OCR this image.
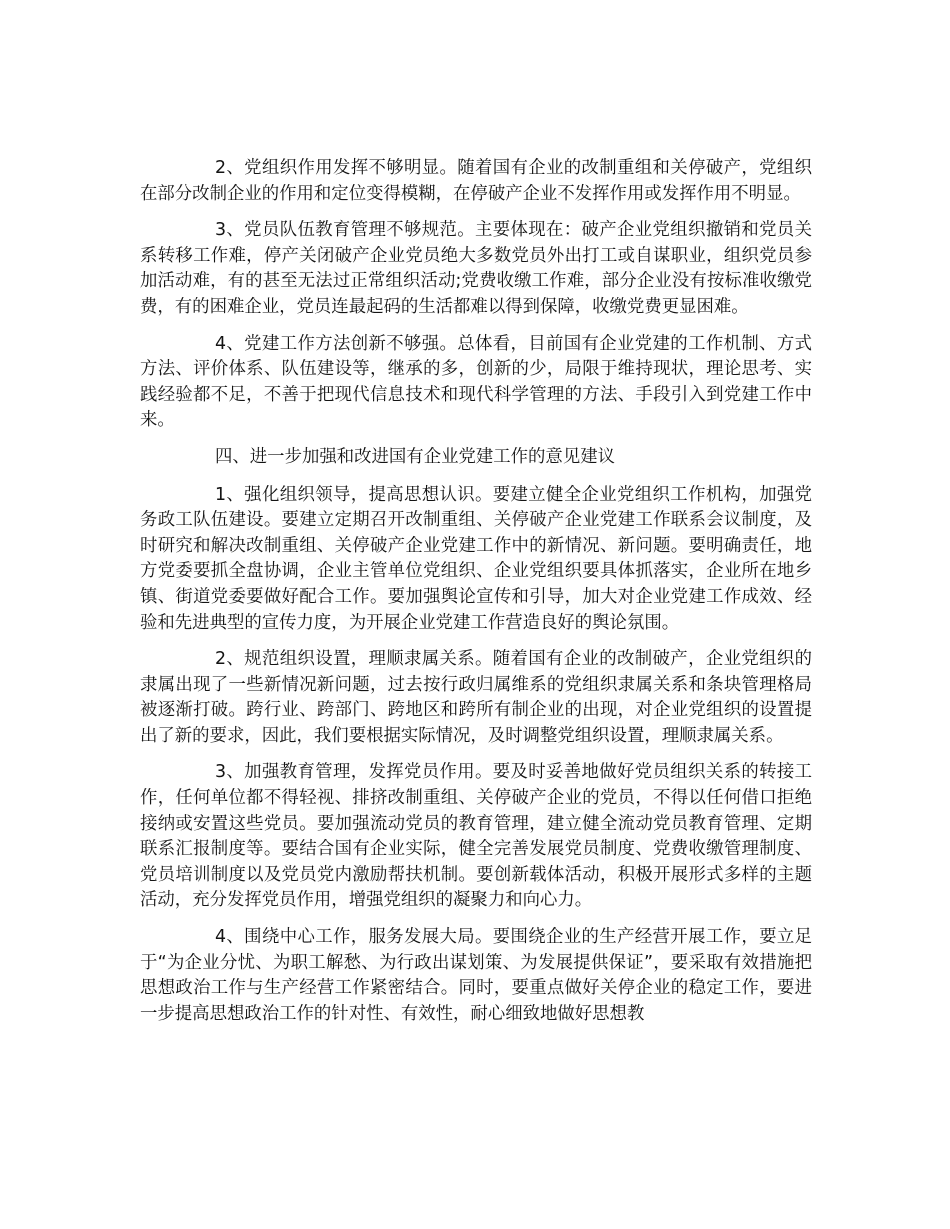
2、党组织作用发挥不够明显。随着国有企业的改制重组和关停破产，党组织在部分改制企业的作用和定位变得模糊，在停破产企业不发挥作用或发挥作用不明显。

3、党员队伍教育管理不够规范。主要体现在：破产企业党组织撤销和党员关系转移工作难，停产关闭破产企业党员绝大多数党员外出打工或自谋职业，组织党员参加活动难，有的甚至无法过正常组织活动;党费收缴工作难，部分企业没有按标准收缴党费，有的困难企业，党员连最起码的生活都难以得到保障，收缴党费更显困难。

4、党建工作方法创新不够强。总体看，目前国有企业党建的工作机制、方式方法、评价体系、队伍建设等，继承的多，创新的少，局限于维持现状，理论思考、实践经验都不足，不善于把现代信息技术和现代科学管理的方法、手段引入到党建工作中来。

四、进一步加强和改进国有企业党建工作的意见建议

1、强化组织领导，提高思想认识。要建立健全企业党组织工作机构，加强党务政工队伍建设。要建立定期召开改制重组、关停破产企业党建工作联系会议制度，及时研究和解决改制重组、关停破产企业党建工作中的新情况、新问题。要明确责任，地方党委要抓全盘协调，企业主管单位党组织、企业党组织要具体抓落实，企业所在地乡镇、街道党委要做好配合工作。要加强舆论宣传和引导，加大对企业党建工作成效、经验和先进典型的宣传力度，为开展企业党建工作营造良好的舆论氛围。

2、规范组织设置，理顺隶属关系。随着国有企业的改制破产，企业党组织的隶属出现了一些新情况新问题，过去按行政归属维系的党组织隶属关系和条块管理格局被逐渐打破。跨行业、跨部门、跨地区和跨所有制企业的出现，对企业党组织的设置提出了新的要求，因此，我们要根据实际情况，及时调整党组织设置，理顺隶属关系。

3、加强教育管理，发挥党员作用。要及时妥善地做好党员组织关系的转接工作，任何单位都不得轻视、排挤改制重组、关停破产企业的党员，不得以任何借口拒绝接纳或安置这些党员。要加强流动党员的教育管理，建立健全流动党员教育管理、定期联系汇报制度等。要结合国有企业实际，健全完善发展党员制度、党费收缴管理制度、党员培训制度以及党员党内激励帮扶机制。要创新载体活动，积极开展形式多样的主题活动，充分发挥党员作用，增强党组织的凝聚力和向心力。

4、围绕中心工作，服务发展大局。要围绕企业的生产经营开展工作，要立足于“为企业分忧、为职工解愁、为行政出谋划策、为发展提供保证”，要采取有效措施把思想政治工作与生产经营工作紧密结合。同时，要重点做好关停企业的稳定工作，要进一步提高思想政治工作的针对性、有效性，耐心细致地做好思想教
